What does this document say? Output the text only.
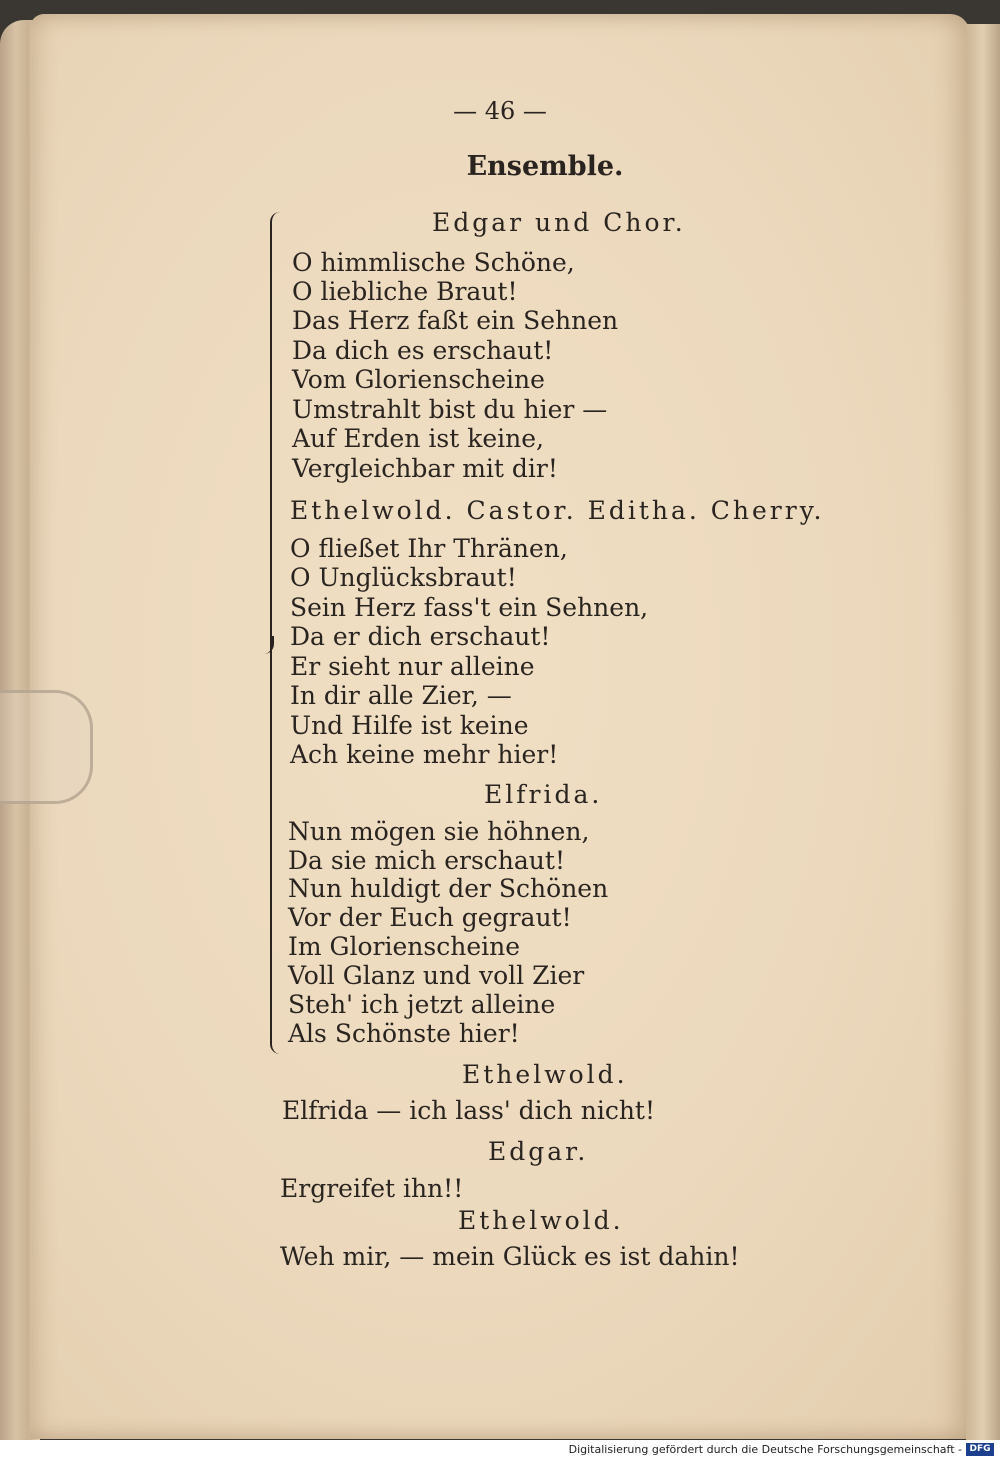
— 46 —
Ensemble.
Edgar und Chor.
O himmlische Schöne,
O liebliche Braut!
Das Herz faßt ein Sehnen
Da dich es erschaut!
Vom Glorienscheine
Umstrahlt bist du hier —
Auf Erden ist keine,
Vergleichbar mit dir!
Ethelwold. Castor. Editha. Cherry.
O fließet Ihr Thränen,
O Unglücksbraut!
Sein Herz fass't ein Sehnen,
Da er dich erschaut!
Er sieht nur alleine
In dir alle Zier, —
Und Hilfe ist keine
Ach keine mehr hier!
Elfrida.
Nun mögen sie höhnen,
Da sie mich erschaut!
Nun huldigt der Schönen
Vor der Euch gegraut!
Im Glorienscheine
Voll Glanz und voll Zier
Steh' ich jetzt alleine
Als Schönste hier!
Ethelwold.
Elfrida — ich lass' dich nicht!
Edgar.
Ergreifet ihn!!
Ethelwold.
Weh mir, — mein Glück es ist dahin!
Digitalisierung gefördert durch die Deutsche Forschungsgemeinschaft - DFG
